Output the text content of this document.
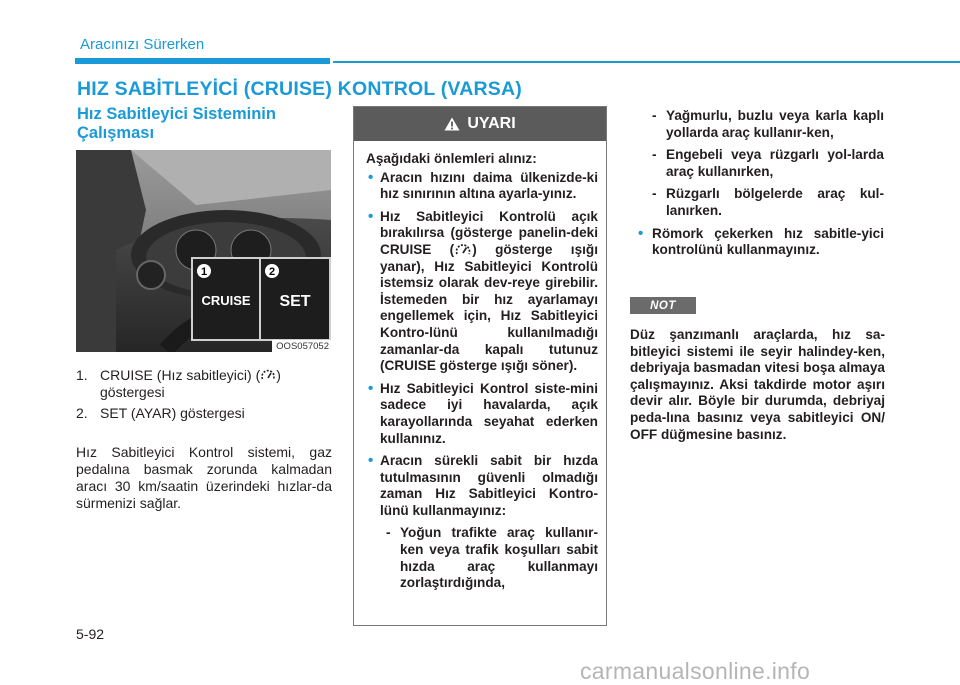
Aracınızı Sürerken
HIZ SABİTLEYİCİ (CRUISE) KONTROL (VARSA)
Hız Sabitleyici Sisteminin Çalışması
1	2
CRUISE SET
OOS057052
1. CRUISE (Hız sabitleyici) ( )
göstergesi
2. SET (AYAR) göstergesi
Hız Sabitleyici Kontrol sistemi, gaz pedalına basmak zorunda kalmadan aracı 30 km/saatin üzerindeki hızlar-da sürmenizi sağlar.
UYARI
Aşağıdaki önlemleri alınız:
• Aracın hızını daima ülkenizde-ki hız sınırının altına ayarla-yınız.
• Hız Sabitleyici Kontrolü açık bırakılırsa (gösterge panelin-deki CRUISE ( ) gösterge ışığı yanar), Hız Sabitleyici Kontrolü istemsiz olarak dev-reye girebilir. İstemeden bir hız ayarlamayı engellemek için, Hız Sabitleyici Kontro-lünü kullanılmadığı zamanlar-da kapalı tutunuz (CRUISE gösterge ışığı söner).
• Hız Sabitleyici Kontrol siste-mini sadece iyi havalarda, açık karayollarında seyahat ederken kullanınız.
• Aracın sürekli sabit bir hızda tutulmasının güvenli olmadığı zaman Hız Sabitleyici Kontro-lünü kullanmayınız:
- Yoğun trafikte araç kullanır-ken veya trafik koşulları sabit hızda araç kullanmayı zorlaştırdığında,
- Yağmurlu, buzlu veya karla kaplı yollarda araç kullanır-ken,
- Engebeli veya rüzgarlı yol-larda araç kullanırken,
- Rüzgarlı bölgelerde araç kul-lanırken.
• Römork çekerken hız sabitle-yici kontrolünü kullanmayınız.
NOT
Düz şanzımanlı araçlarda, hız sa-bitleyici sistemi ile seyir halindey-ken, debriyaja basmadan vitesi boşa almaya çalışmayınız. Aksi takdirde motor aşırı devir alır. Böyle bir durumda, debriyaj peda-lına basınız veya sabitleyici ON/ OFF düğmesine basınız.
5-92
carmanualsonline.info
